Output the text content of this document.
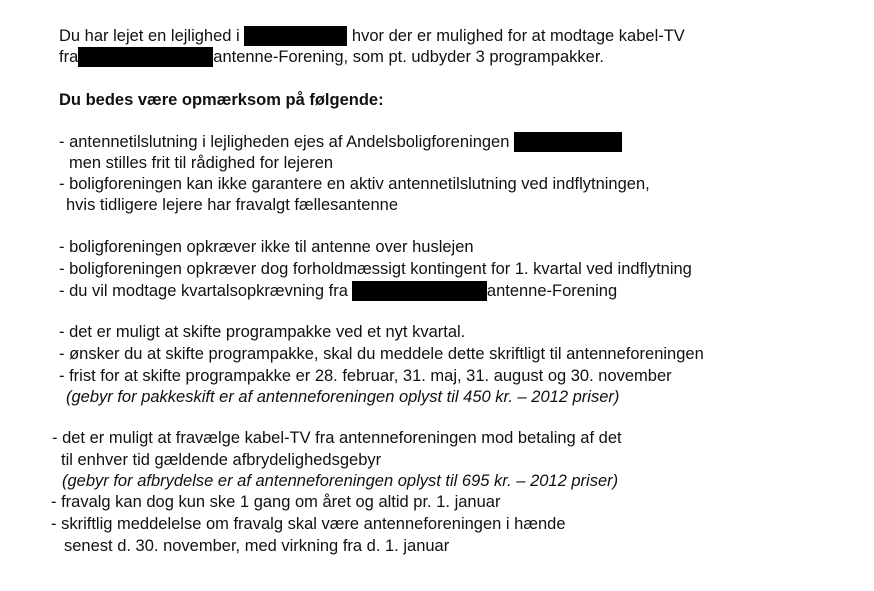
Du har lejet en lejlighed i	hvor der er mulighed for at modtage kabel-TV
fra	antenne-Forening, som pt. udbyder 3 programpakker.
Du bedes være opmærksom på følgende:
- antennetilslutning i lejligheden ejes af Andelsboligforeningen
men stilles frit til rådighed for lejeren
- boligforeningen kan ikke garantere en aktiv antennetilslutning ved indflytningen,
hvis tidligere lejere har fravalgt fællesantenne
- boligforeningen opkræver ikke til antenne over huslejen
- boligforeningen opkræver dog forholdmæssigt kontingent for 1. kvartal ved indflytning
- du vil modtage kvartalsopkrævning fra	antenne-Forening
- det er muligt at skifte programpakke ved et nyt kvartal.
- ønsker du at skifte programpakke, skal du meddele dette skriftligt til antenneforeningen
- frist for at skifte programpakke er 28. februar, 31. maj, 31. august og 30. november
(gebyr for pakkeskift er af antenneforeningen oplyst til 450 kr. – 2012 priser)
- det er muligt at fravælge kabel-TV fra antenneforeningen mod betaling af det
til enhver tid gældende afbrydelighedsgebyr
(gebyr for afbrydelse er af antenneforeningen oplyst til 695 kr. – 2012 priser)
- fravalg kan dog kun ske 1 gang om året og altid pr. 1. januar
- skriftlig meddelelse om fravalg skal være antenneforeningen i hænde
senest d. 30. november, med virkning fra d. 1. januar
